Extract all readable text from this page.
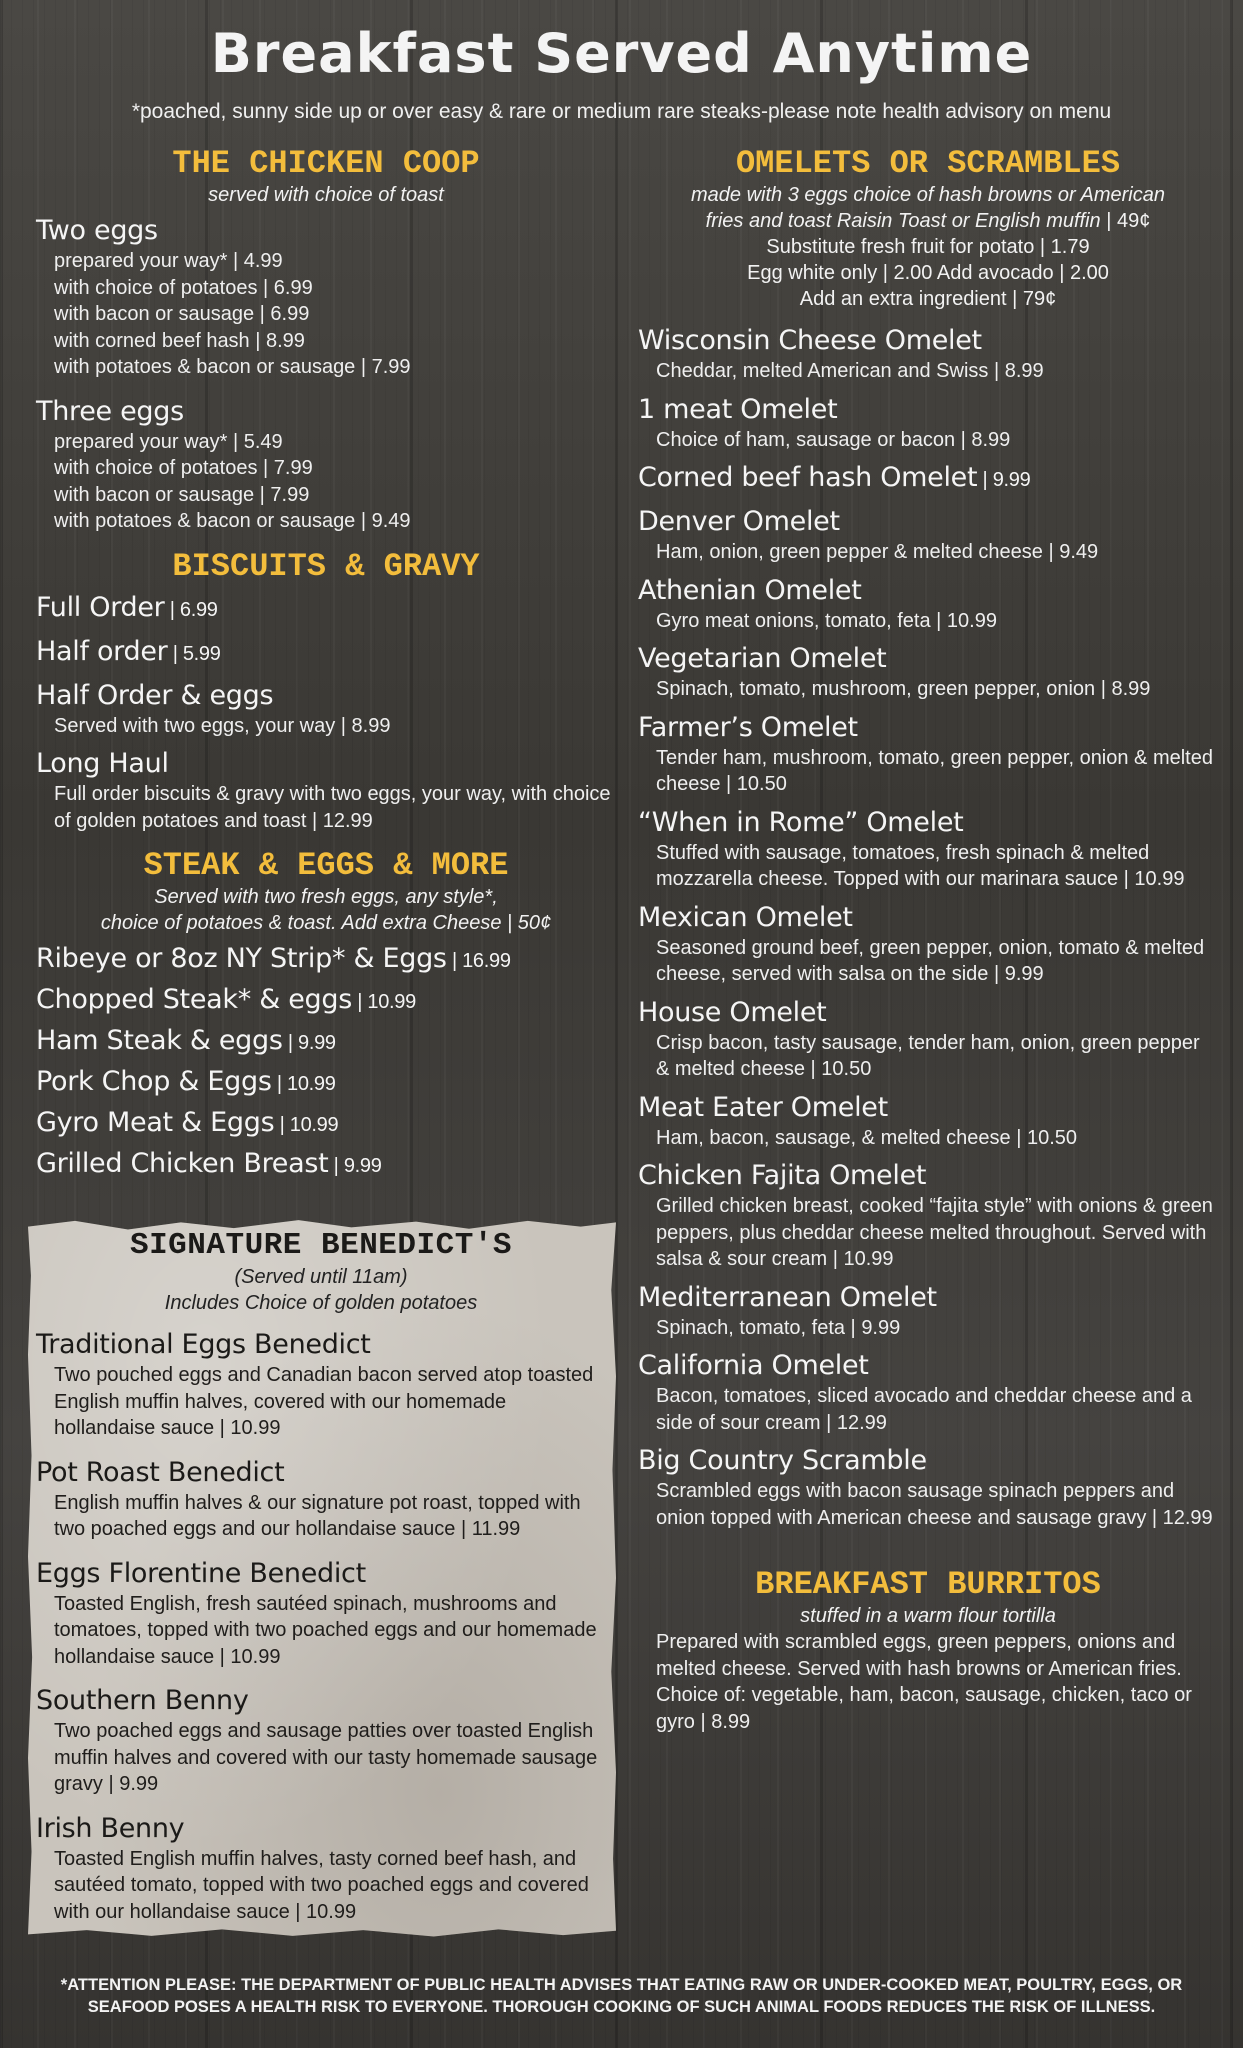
Breakfast Served Anytime
*poached, sunny side up or over easy & rare or medium rare steaks-please note health advisory on menu
THE CHICKEN COOP
served with choice of toast
Two eggs
prepared your way* | 4.99
with choice of potatoes | 6.99
with bacon or sausage | 6.99
with corned beef hash | 8.99
with potatoes & bacon or sausage | 7.99
Three eggs
prepared your way* | 5.49
with choice of potatoes | 7.99
with bacon or sausage | 7.99
with potatoes & bacon or sausage | 9.49
BISCUITS & GRAVY
Full Order | 6.99
Half order | 5.99
Half Order & eggs
Served with two eggs, your way | 8.99
Long Haul
Full order biscuits & gravy with two eggs, your way, with choice of golden potatoes and toast | 12.99
STEAK & EGGS & MORE
Served with two fresh eggs, any style*,
choice of potatoes & toast. Add extra Cheese | 50¢
Ribeye or 8oz NY Strip* & Eggs | 16.99
Chopped Steak* & eggs | 10.99
Ham Steak & eggs | 9.99
Pork Chop & Eggs | 10.99
Gyro Meat & Eggs | 10.99
Grilled Chicken Breast | 9.99
SIGNATURE BENEDICT'S
(Served until 11am)
Includes Choice of golden potatoes
Traditional Eggs Benedict
Two pouched eggs and Canadian bacon served atop toasted English muffin halves, covered with our homemade hollandaise sauce | 10.99
Pot Roast Benedict
English muffin halves & our signature pot roast, topped with two poached eggs and our hollandaise sauce | 11.99
Eggs Florentine Benedict
Toasted English, fresh sautéed spinach, mushrooms and tomatoes, topped with two poached eggs and our homemade hollandaise sauce | 10.99
Southern Benny
Two poached eggs and sausage patties over toasted English muffin halves and covered with our tasty homemade sausage gravy | 9.99
Irish Benny
Toasted English muffin halves, tasty corned beef hash, and sautéed tomato, topped with two poached eggs and covered with our hollandaise sauce | 10.99
OMELETS OR SCRAMBLES
made with 3 eggs choice of hash browns or American
fries and toast Raisin Toast or English muffin | 49¢
Substitute fresh fruit for potato | 1.79
Egg white only | 2.00 Add avocado | 2.00
Add an extra ingredient | 79¢
Wisconsin Cheese Omelet
Cheddar, melted American and Swiss | 8.99
1 meat Omelet
Choice of ham, sausage or bacon | 8.99
Corned beef hash Omelet | 9.99
Denver Omelet
Ham, onion, green pepper & melted cheese | 9.49
Athenian Omelet
Gyro meat onions, tomato, feta | 10.99
Vegetarian Omelet
Spinach, tomato, mushroom, green pepper, onion | 8.99
Farmer’s Omelet
Tender ham, mushroom, tomato, green pepper, onion & melted cheese | 10.50
“When in Rome” Omelet
Stuffed with sausage, tomatoes, fresh spinach & melted mozzarella cheese. Topped with our marinara sauce | 10.99
Mexican Omelet
Seasoned ground beef, green pepper, onion, tomato & melted cheese, served with salsa on the side | 9.99
House Omelet
Crisp bacon, tasty sausage, tender ham, onion, green pepper & melted cheese | 10.50
Meat Eater Omelet
Ham, bacon, sausage, & melted cheese | 10.50
Chicken Fajita Omelet
Grilled chicken breast, cooked “fajita style” with onions & green peppers, plus cheddar cheese melted throughout. Served with salsa & sour cream | 10.99
Mediterranean Omelet
Spinach, tomato, feta | 9.99
California Omelet
Bacon, tomatoes, sliced avocado and cheddar cheese and a side of sour cream | 12.99
Big Country Scramble
Scrambled eggs with bacon sausage spinach peppers and onion topped with American cheese and sausage gravy | 12.99
BREAKFAST BURRITOS
stuffed in a warm flour tortilla
Prepared with scrambled eggs, green peppers, onions and melted cheese. Served with hash browns or American fries. Choice of: vegetable, ham, bacon, sausage, chicken, taco or gyro | 8.99
*ATTENTION PLEASE: THE DEPARTMENT OF PUBLIC HEALTH ADVISES THAT EATING RAW OR UNDER-COOKED MEAT, POULTRY, EGGS, OR
SEAFOOD POSES A HEALTH RISK TO EVERYONE. THOROUGH COOKING OF SUCH ANIMAL FOODS REDUCES THE RISK OF ILLNESS.
